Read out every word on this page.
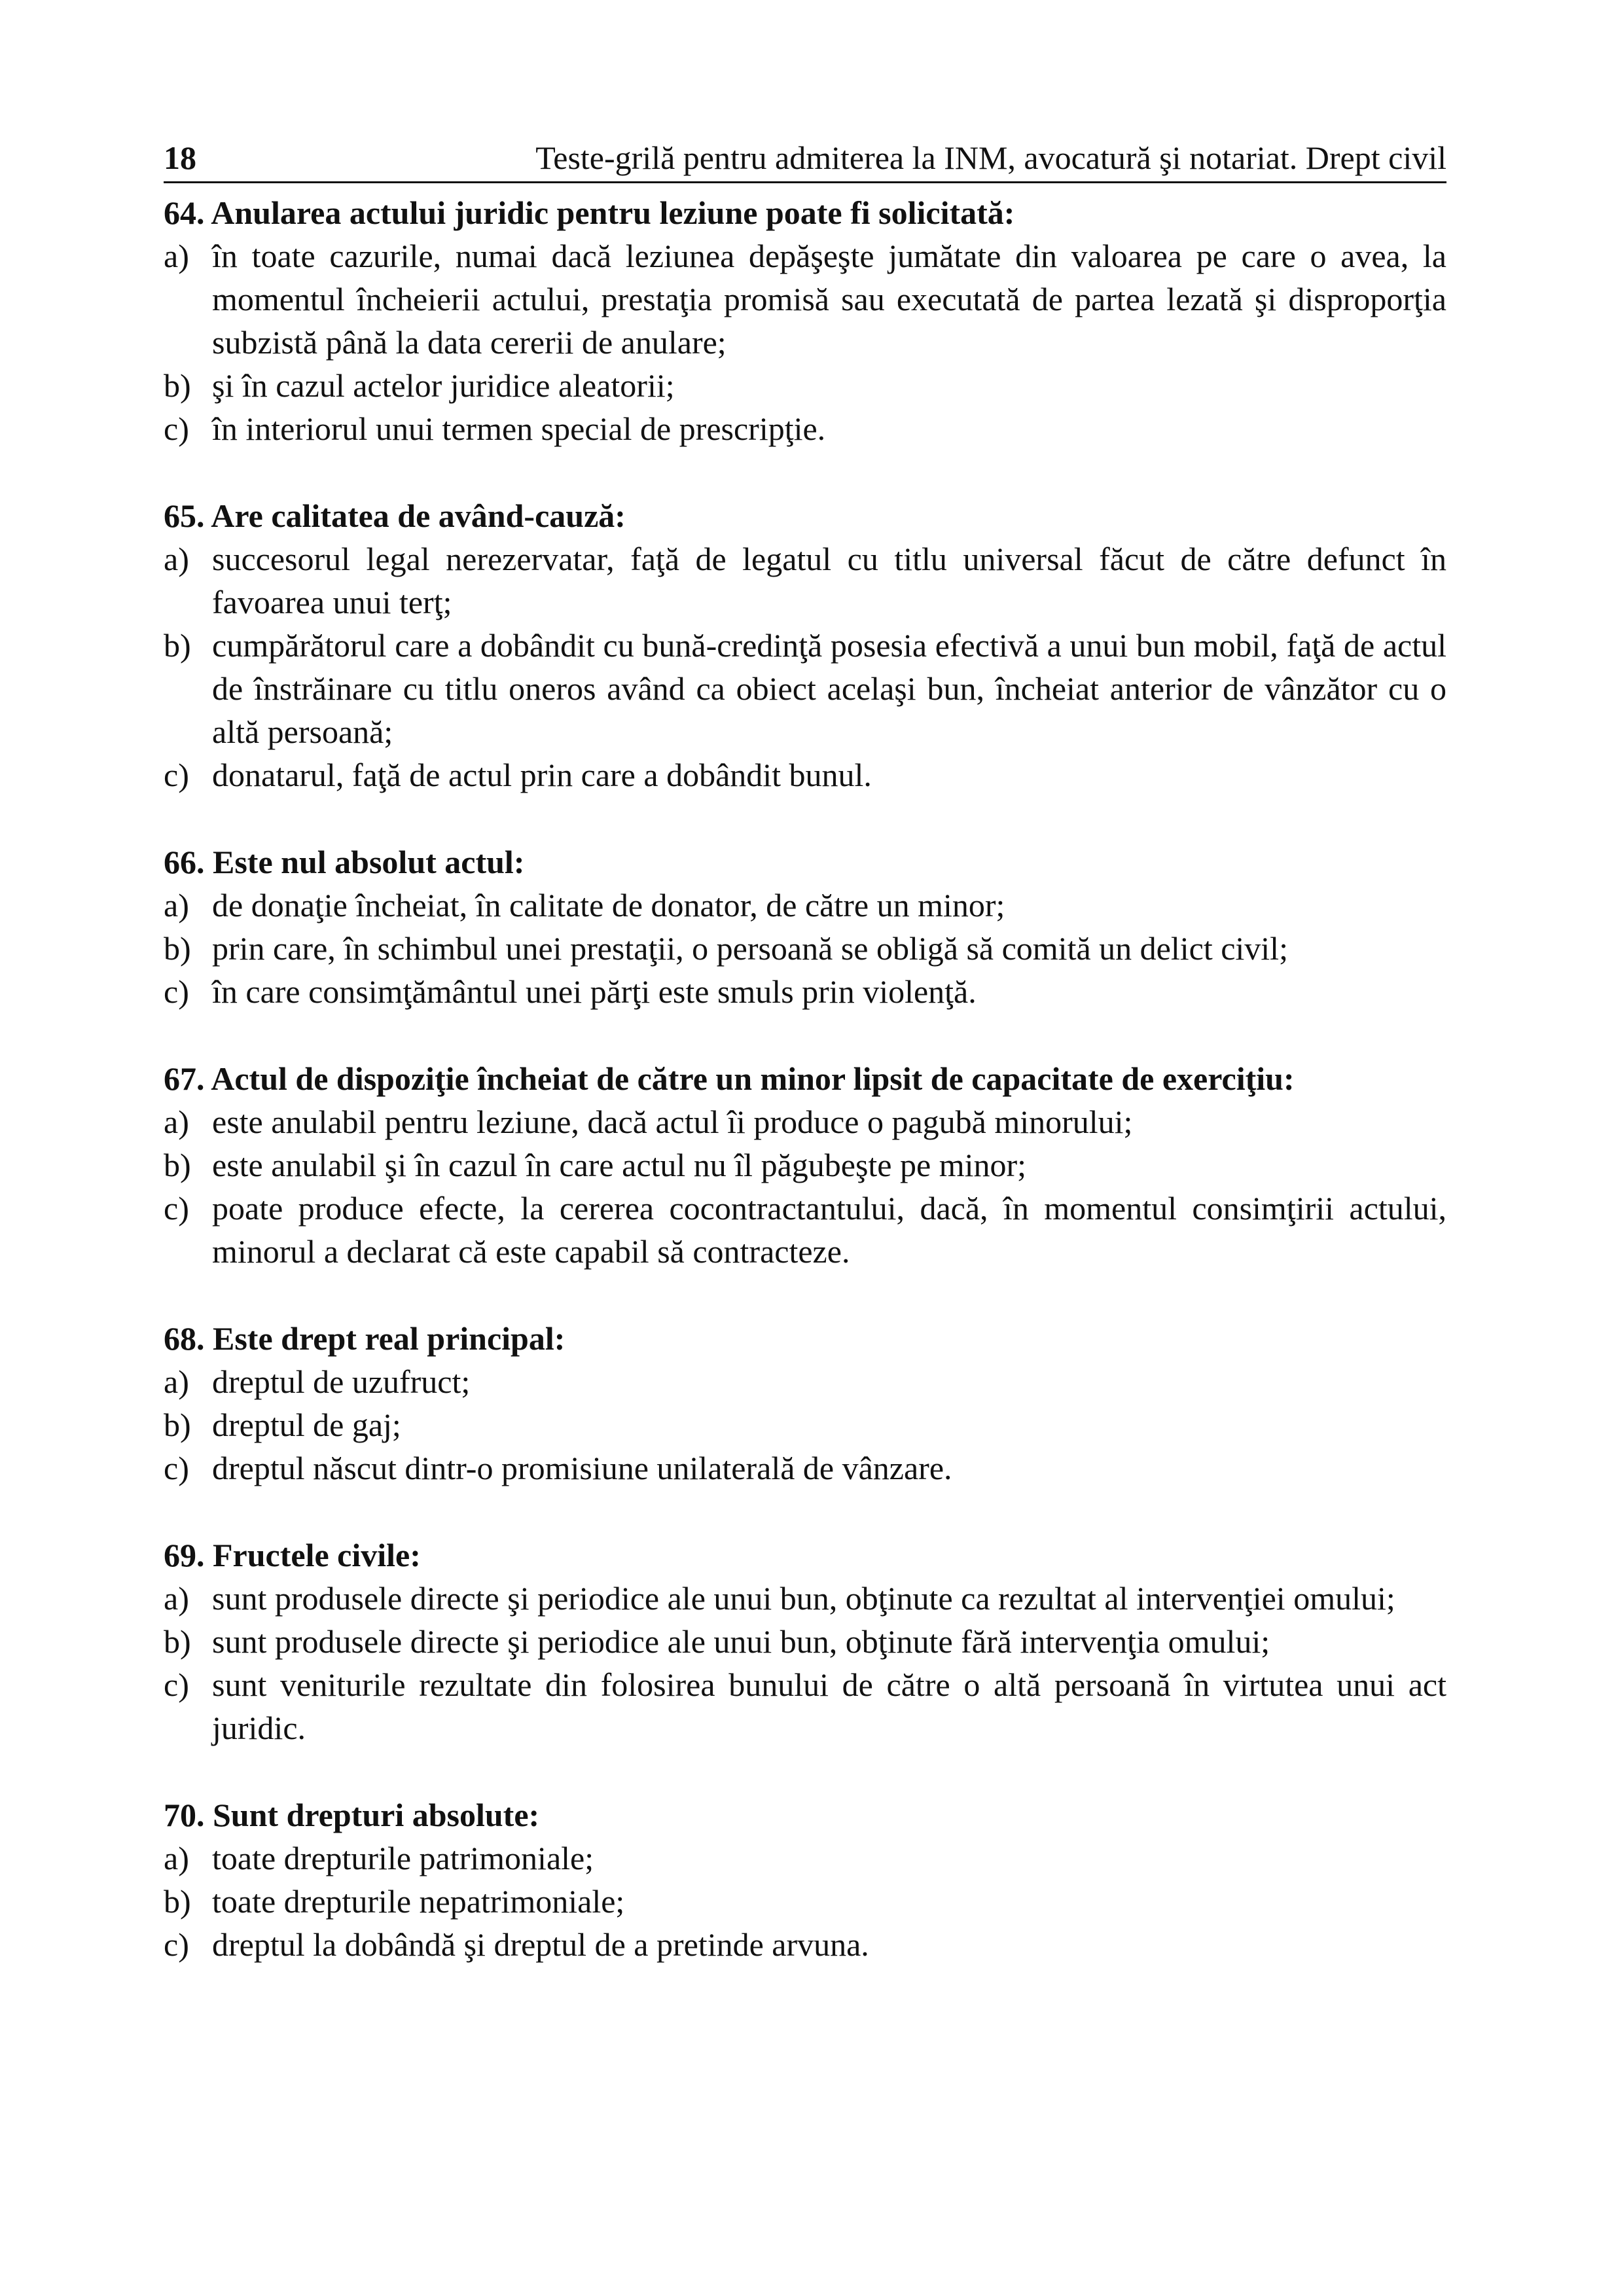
18	Teste-grilă pentru admiterea la INM, avocatură şi notariat. Drept civil
64. Anularea actului juridic pentru leziune poate fi solicitată:
a) în toate cazurile, numai dacă leziunea depăşeşte jumătate din valoarea pe care o avea, la momentul încheierii actului, prestaţia promisă sau executată de partea lezată şi disproporţia subzistă până la data cererii de anulare;
b) şi în cazul actelor juridice aleatorii;
c) în interiorul unui termen special de prescripţie.
65. Are calitatea de având-cauză:
a) succesorul legal nerezervatar, faţă de legatul cu titlu universal făcut de către defunct în favoarea unui terţ;
b) cumpărătorul care a dobândit cu bună-credinţă posesia efectivă a unui bun mobil, faţă de actul de înstrăinare cu titlu oneros având ca obiect acelaşi bun, încheiat anterior de vânzător cu o altă persoană;
c) donatarul, faţă de actul prin care a dobândit bunul.
66. Este nul absolut actul:
a) de donaţie încheiat, în calitate de donator, de către un minor;
b) prin care, în schimbul unei prestaţii, o persoană se obligă să comită un delict civil;
c) în care consimţământul unei părţi este smuls prin violenţă.
67. Actul de dispoziţie încheiat de către un minor lipsit de capacitate de exerciţiu:
a) este anulabil pentru leziune, dacă actul îi produce o pagubă minorului;
b) este anulabil şi în cazul în care actul nu îl păgubeşte pe minor;
c) poate produce efecte, la cererea cocontractantului, dacă, în momentul consimţirii actului, minorul a declarat că este capabil să contracteze.
68. Este drept real principal:
a) dreptul de uzufruct;
b) dreptul de gaj;
c) dreptul născut dintr-o promisiune unilaterală de vânzare.
69. Fructele civile:
a) sunt produsele directe şi periodice ale unui bun, obţinute ca rezultat al intervenţiei omului;
b) sunt produsele directe şi periodice ale unui bun, obţinute fără intervenţia omului;
c) sunt veniturile rezultate din folosirea bunului de către o altă persoană în virtutea unui act juridic.
70. Sunt drepturi absolute:
a) toate drepturile patrimoniale;
b) toate drepturile nepatrimoniale;
c) dreptul la dobândă şi dreptul de a pretinde arvuna.
